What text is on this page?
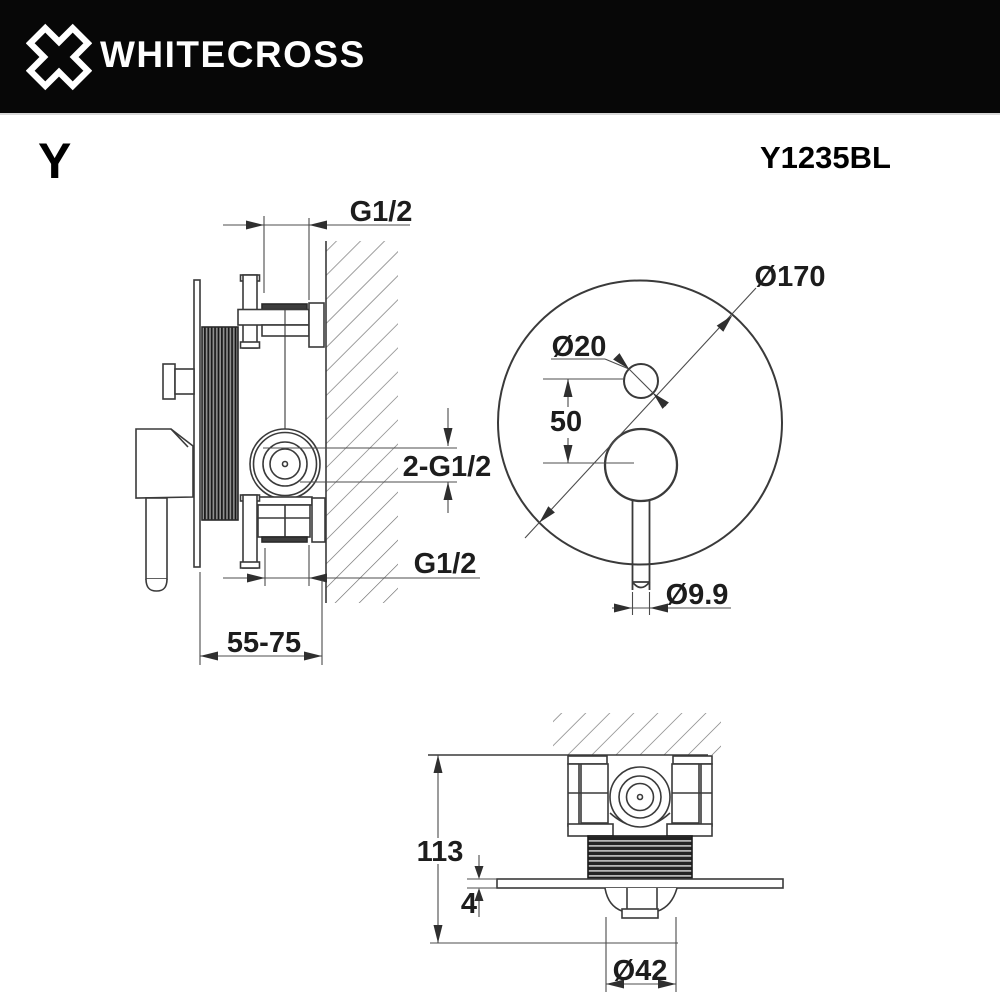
WHITECROSS
Y	Y1235BL
G1/2
2-G1/2
G1/2
55-75
Ø170
Ø20
50
Ø9.9
113
4
Ø42
